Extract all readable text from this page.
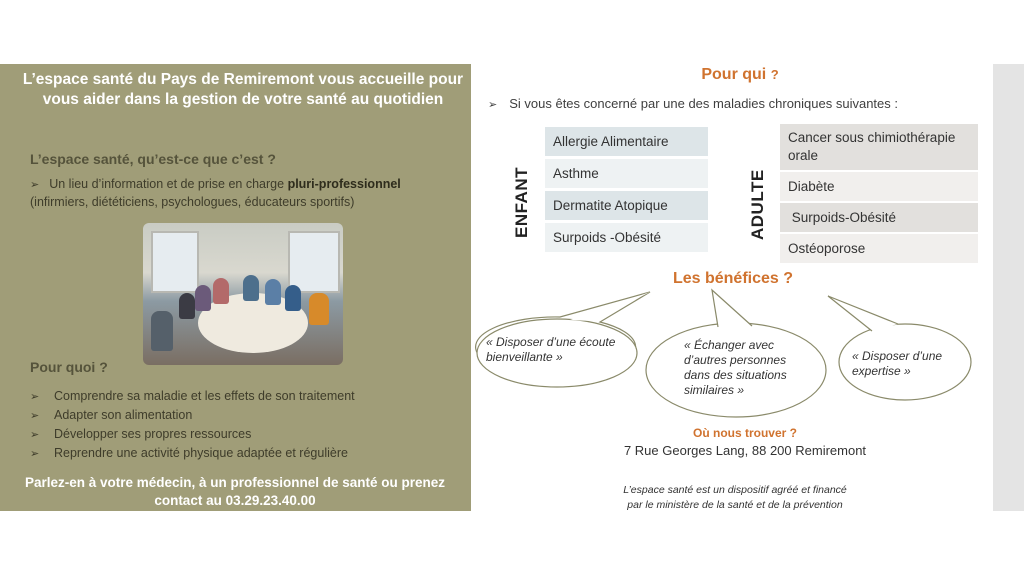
L’espace santé du Pays de Remiremont vous accueille pour vous aider dans la gestion de votre santé au quotidien
L’espace santé, qu’est-ce que c’est ?
➢ Un lieu d’information et de prise en charge pluri-professionnel
(infirmiers, diététiciens, psychologues, éducateurs sportifs)
Pour quoi ?
➢ Comprendre sa maladie et les effets de son traitement
➢ Adapter son alimentation
➢ Développer ses propres ressources
➢ Reprendre une activité physique adaptée et régulière
Parlez-en à votre médecin, à un professionnel de santé ou prenez contact au 03.29.23.40.00
Pour qui ?
➢ Si vous êtes concerné par une des maladies chroniques suivantes :
ENFANT	ADULTE
Allergie Alimentaire
Asthme
Dermatite Atopique
Surpoids -Obésité
Cancer sous chimiothérapie orale
Diabète
Surpoids-Obésité
Ostéoporose
Les bénéfices ?
« Disposer d’une écoute bienveillante »
« Échanger avec d’autres personnes dans des situations similaires »
« Disposer d’une expertise »
Où nous trouver ?
7 Rue Georges Lang, 88 200 Remiremont
L’espace santé est un dispositif agréé et financé
par le ministère de la santé et de la prévention
